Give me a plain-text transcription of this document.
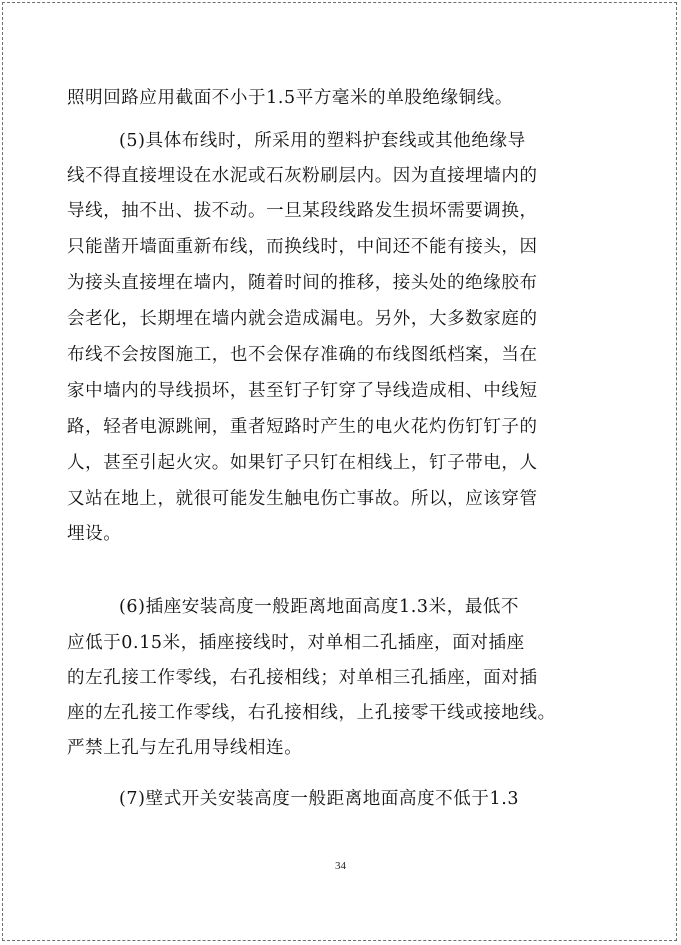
照明回路应用截面不小于1.5平方毫米的单股绝缘铜线。
(5)具体布线时，所采用的塑料护套线或其他绝缘导
线不得直接埋设在水泥或石灰粉刷层内。因为直接埋墙内的
导线，抽不出、拔不动。一旦某段线路发生损坏需要调换，
只能凿开墙面重新布线，而换线时，中间还不能有接头，因
为接头直接埋在墙内，随着时间的推移，接头处的绝缘胶布
会老化，长期埋在墙内就会造成漏电。另外，大多数家庭的
布线不会按图施工，也不会保存准确的布线图纸档案，当在
家中墙内的导线损坏，甚至钉子钉穿了导线造成相、中线短
路，轻者电源跳闸，重者短路时产生的电火花灼伤钉钉子的
人，甚至引起火灾。如果钉子只钉在相线上，钉子带电，人
又站在地上，就很可能发生触电伤亡事故。所以，应该穿管
埋设。
(6)插座安装高度一般距离地面高度1.3米，最低不
应低于0.15米，插座接线时，对单相二孔插座，面对插座
的左孔接工作零线，右孔接相线；对单相三孔插座，面对插
座的左孔接工作零线，右孔接相线，上孔接零干线或接地线。
严禁上孔与左孔用导线相连。
(7)壁式开关安装高度一般距离地面高度不低于1.3
34
